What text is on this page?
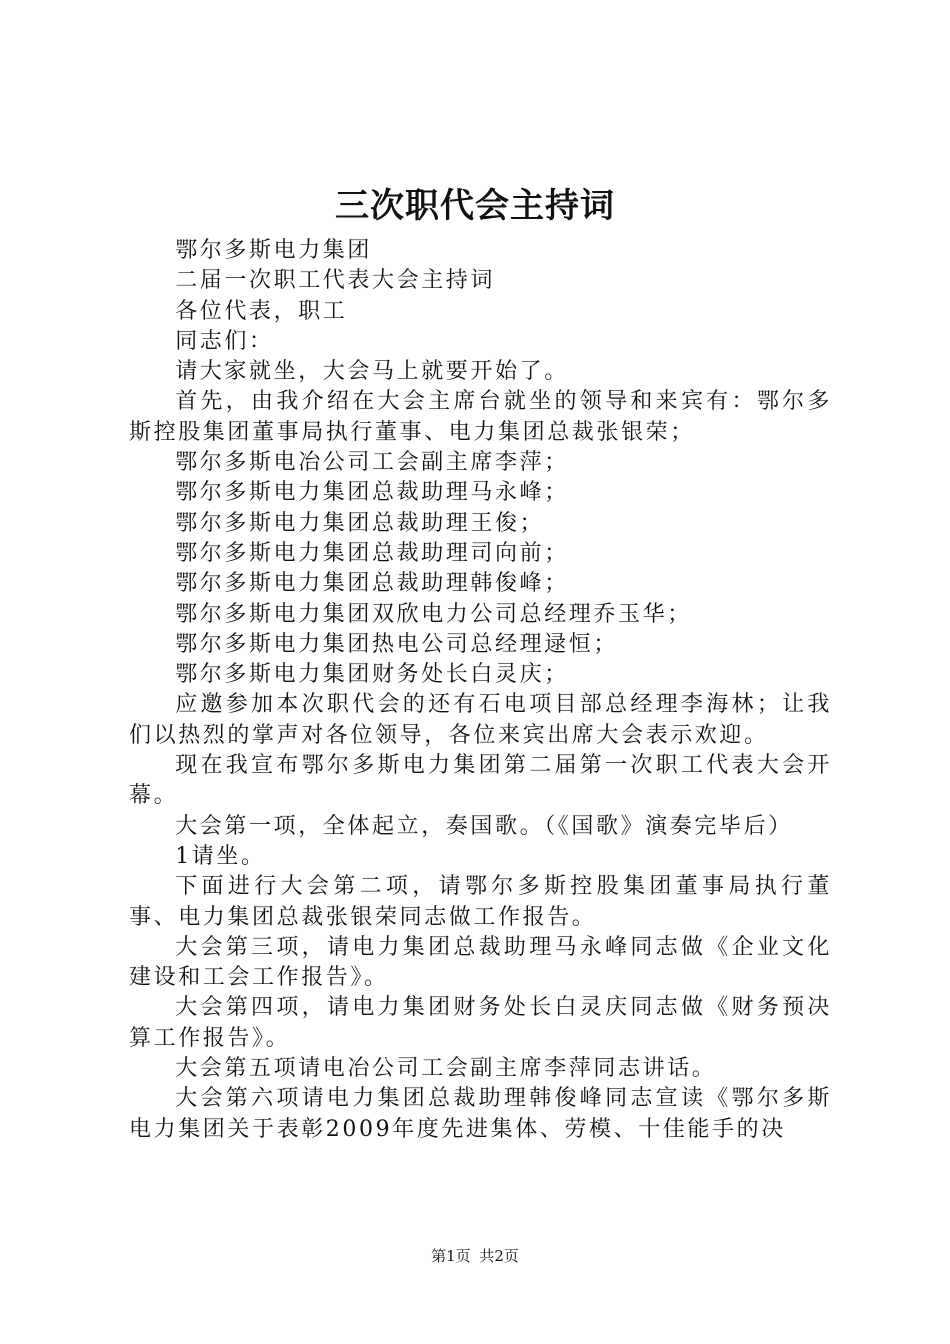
三次职代会主持词

鄂尔多斯电力集团

二届一次职工代表大会主持词

各位代表，职工

同志们：

请大家就坐，大会马上就要开始了。

首先，由我介绍在大会主席台就坐的领导和来宾有：鄂尔多斯控股集团董事局执行董事、电力集团总裁张银荣；

鄂尔多斯电冶公司工会副主席李萍；

鄂尔多斯电力集团总裁助理马永峰；

鄂尔多斯电力集团总裁助理王俊；

鄂尔多斯电力集团总裁助理司向前；

鄂尔多斯电力集团总裁助理韩俊峰；

鄂尔多斯电力集团双欣电力公司总经理乔玉华；

鄂尔多斯电力集团热电公司总经理逯恒；

鄂尔多斯电力集团财务处长白灵庆；

应邀参加本次职代会的还有石电项目部总经理李海林；让我们以热烈的掌声对各位领导，各位来宾出席大会表示欢迎。

现在我宣布鄂尔多斯电力集团第二届第一次职工代表大会开幕。

大会第一项，全体起立，奏国歌。（《国歌》演奏完毕后）

1请坐。

下面进行大会第二项，请鄂尔多斯控股集团董事局执行董事、电力集团总裁张银荣同志做工作报告。

大会第三项，请电力集团总裁助理马永峰同志做《企业文化建设和工会工作报告》。

大会第四项，请电力集团财务处长白灵庆同志做《财务预决算工作报告》。

大会第五项请电冶公司工会副主席李萍同志讲话。

大会第六项请电力集团总裁助理韩俊峰同志宣读《鄂尔多斯电力集团关于表彰2009年度先进集体、劳模、十佳能手的决

第1页 共2页
